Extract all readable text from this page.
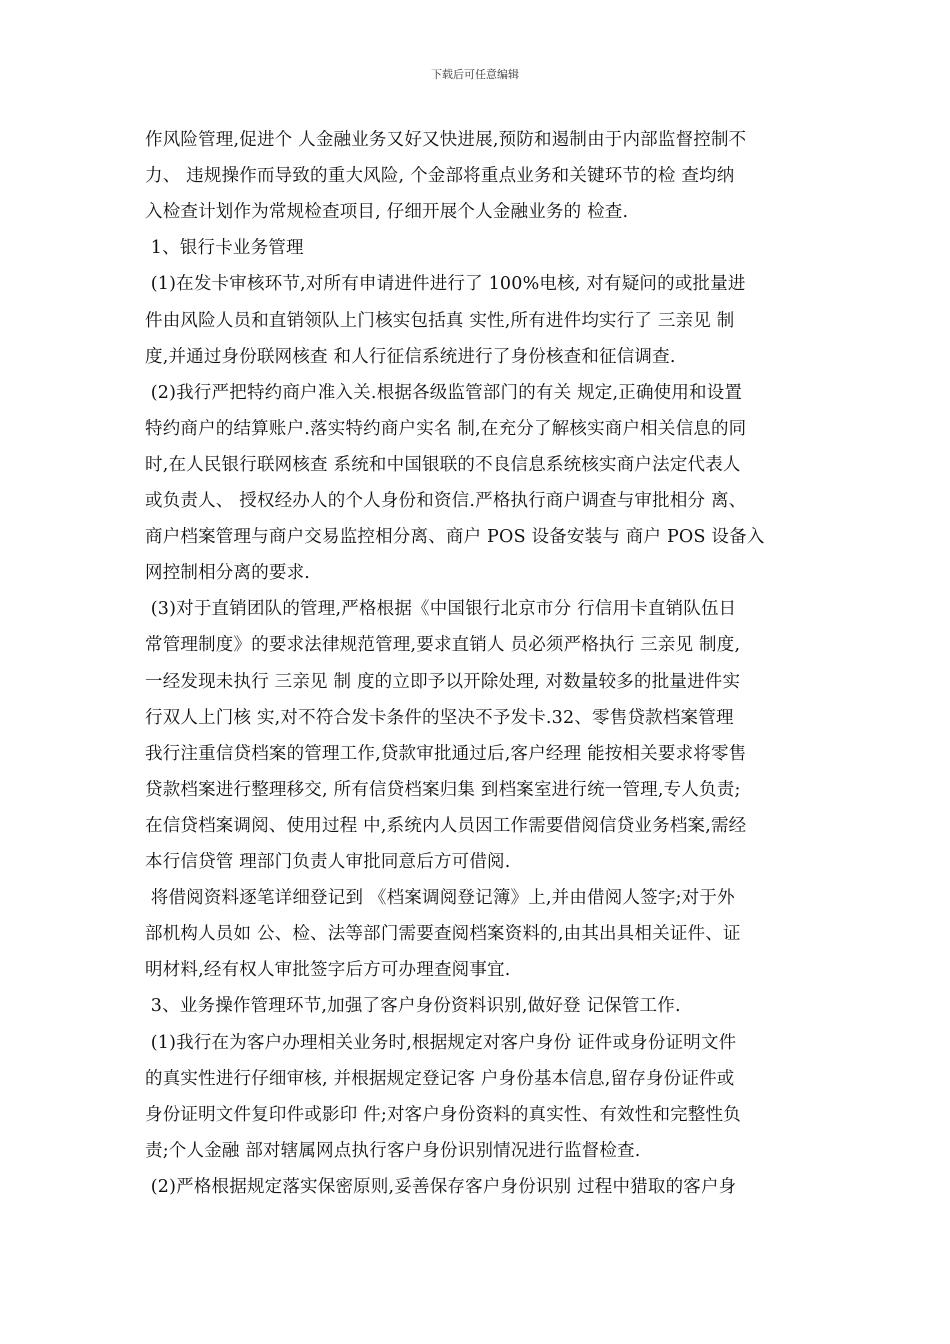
下载后可任意编辑
作风险管理,促进个 人金融业务又好又快进展,预防和遏制由于内部监督控制不
力、 违规操作而导致的重大风险, 个金部将重点业务和关键环节的检 查均纳
入检查计划作为常规检查项目, 仔细开展个人金融业务的 检查.
1、银行卡业务管理
(1)在发卡审核环节,对所有申请进件进行了 100%电核, 对有疑问的或批量进
件由风险人员和直销领队上门核实包括真 实性,所有进件均实行了 三亲见 制
度,并通过身份联网核查 和人行征信系统进行了身份核查和征信调查.
(2)我行严把特约商户准入关.根据各级监管部门的有关 规定,正确使用和设置
特约商户的结算账户.落实特约商户实名 制,在充分了解核实商户相关信息的同
时,在人民银行联网核查 系统和中国银联的不良信息系统核实商户法定代表人
或负责人、 授权经办人的个人身份和资信.严格执行商户调查与审批相分 离、
商户档案管理与商户交易监控相分离、商户 POS 设备安装与 商户 POS 设备入
网控制相分离的要求.
(3)对于直销团队的管理,严格根据《中国银行北京市分 行信用卡直销队伍日
常管理制度》的要求法律规范管理,要求直销人 员必须严格执行 三亲见 制度,
一经发现未执行 三亲见 制 度的立即予以开除处理, 对数量较多的批量进件实
行双人上门核 实,对不符合发卡条件的坚决不予发卡.32、零售贷款档案管理
我行注重信贷档案的管理工作,贷款审批通过后,客户经理 能按相关要求将零售
贷款档案进行整理移交, 所有信贷档案归集 到档案室进行统一管理,专人负责;
在信贷档案调阅、使用过程 中,系统内人员因工作需要借阅信贷业务档案,需经
本行信贷管 理部门负责人审批同意后方可借阅.
将借阅资料逐笔详细登记到 《档案调阅登记簿》上,并由借阅人签字;对于外
部机构人员如 公、检、法等部门需要查阅档案资料的,由其出具相关证件、证
明材料,经有权人审批签字后方可办理查阅事宜.
3、业务操作管理环节,加强了客户身份资料识别,做好登 记保管工作.
(1)我行在为客户办理相关业务时,根据规定对客户身份 证件或身份证明文件
的真实性进行仔细审核, 并根据规定登记客 户身份基本信息,留存身份证件或
身份证明文件复印件或影印 件;对客户身份资料的真实性、有效性和完整性负
责;个人金融 部对辖属网点执行客户身份识别情况进行监督检查.
(2)严格根据规定落实保密原则,妥善保存客户身份识别 过程中猎取的客户身
